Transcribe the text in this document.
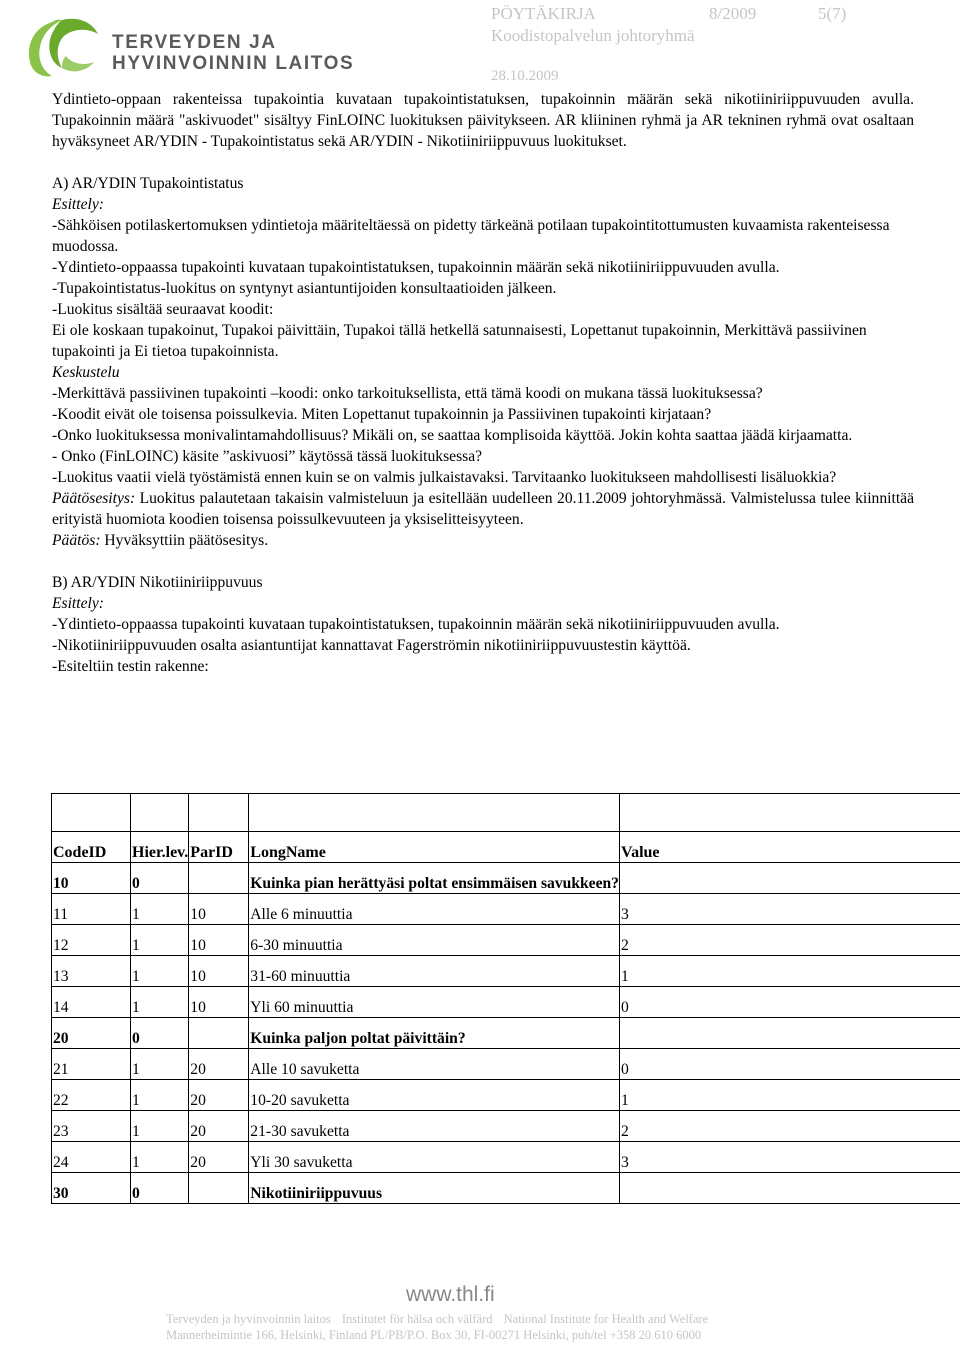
TERVEYDEN JA
HYVINVOINNIN LAITOS
PÖYTÄKIRJA	8/2009	5(7)
Koodistopalvelun johtoryhmä
28.10.2009

Ydintieto-oppaan rakenteissa tupakointia kuvataan tupakointistatuksen, tupakoinnin määrän sekä nikotiiniriippuvuuden avulla. Tupakoinnin määrä "askivuodet" sisältyy FinLOINC luokituksen päivitykseen. AR kliininen ryhmä ja AR tekninen ryhmä ovat osaltaan hyväksyneet AR/YDIN - Tupakointistatus sekä AR/YDIN - Nikotiiniriippuvuus luokitukset.

A) AR/YDIN Tupakointistatus

Esittely:

-Sähköisen potilaskertomuksen ydintietoja määriteltäessä on pidetty tärkeänä potilaan tupakointitottumusten kuvaamista rakenteisessa muodossa.

-Ydintieto-oppaassa tupakointi kuvataan tupakointistatuksen, tupakoinnin määrän sekä nikotiiniriippuvuuden avulla.

-Tupakointistatus-luokitus on syntynyt asiantuntijoiden konsultaatioiden jälkeen.

-Luokitus sisältää seuraavat koodit:

Ei ole koskaan tupakoinut, Tupakoi päivittäin, Tupakoi tällä hetkellä satunnaisesti, Lopettanut tupakoinnin, Merkittävä passiivinen tupakointi ja Ei tietoa tupakoinnista.

Keskustelu

-Merkittävä passiivinen tupakointi –koodi: onko tarkoituksellista, että tämä koodi on mukana tässä luokituksessa?

-Koodit eivät ole toisensa poissulkevia. Miten Lopettanut tupakoinnin ja Passiivinen tupakointi kirjataan?

-Onko luokituksessa monivalintamahdollisuus? Mikäli on, se saattaa komplisoida käyttöä. Jokin kohta saattaa jäädä kirjaamatta.

- Onko (FinLOINC) käsite ”askivuosi” käytössä tässä luokituksessa?

-Luokitus vaatii vielä työstämistä ennen kuin se on valmis julkaistavaksi. Tarvitaanko luokitukseen mahdollisesti lisäluokkia?

Päätösesitys: Luokitus palautetaan takaisin valmisteluun ja esitellään uudelleen 20.11.2009 johtoryhmässä. Valmistelussa tulee kiinnittää erityistä huomiota koodien toisensa poissulkevuuteen ja yksiselitteisyyteen.

Päätös: Hyväksyttiin päätösesitys.

B) AR/YDIN Nikotiiniriippuvuus

Esittely:

-Ydintieto-oppaassa tupakointi kuvataan tupakointistatuksen, tupakoinnin määrän sekä nikotiiniriippuvuuden avulla.

-Nikotiiniriippuvuuden osalta asiantuntijat kannattavat Fagerströmin nikotiiniriippuvuustestin käyttöä.

-Esiteltiin testin rakenne:

CodeID	Hier.lev.	ParID	LongName	Value
10	0		Kuinka pian herättyäsi poltat ensimmäisen savukkeen?	
11	1	10	Alle 6 minuuttia	3
12	1	10	6-30 minuuttia	2
13	1	10	31-60 minuuttia	1
14	1	10	Yli 60 minuuttia	0
20	0		Kuinka paljon poltat päivittäin?	
21	1	20	Alle 10 savuketta	0
22	1	20	10-20 savuketta	1
23	1	20	21-30 savuketta	2
24	1	20	Yli 30 savuketta	3
30	0		Nikotiiniriippuvuus	
www.thl.fi
Terveyden ja hyvinvoinnin laitos Institutet för hälsa och välfärd National Institute for Health and Welfare
Mannerheimintie 166, Helsinki, Finland PL/PB/P.O. Box 30, FI-00271 Helsinki, puh/tel +358 20 610 6000
